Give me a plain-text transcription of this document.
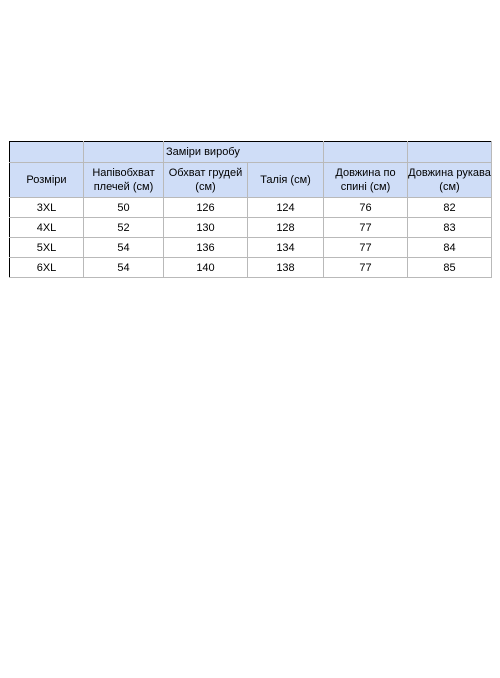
		Заміри виробу			
Розміри	Напівобхват плечей (см)	Обхват грудей (см)	Талія (см)	Довжина по спині (см)	Довжина рукава (см)
3XL	50	126	124	76	82
4XL	52	130	128	77	83
5XL	54	136	134	77	84
6XL	54	140	138	77	85
